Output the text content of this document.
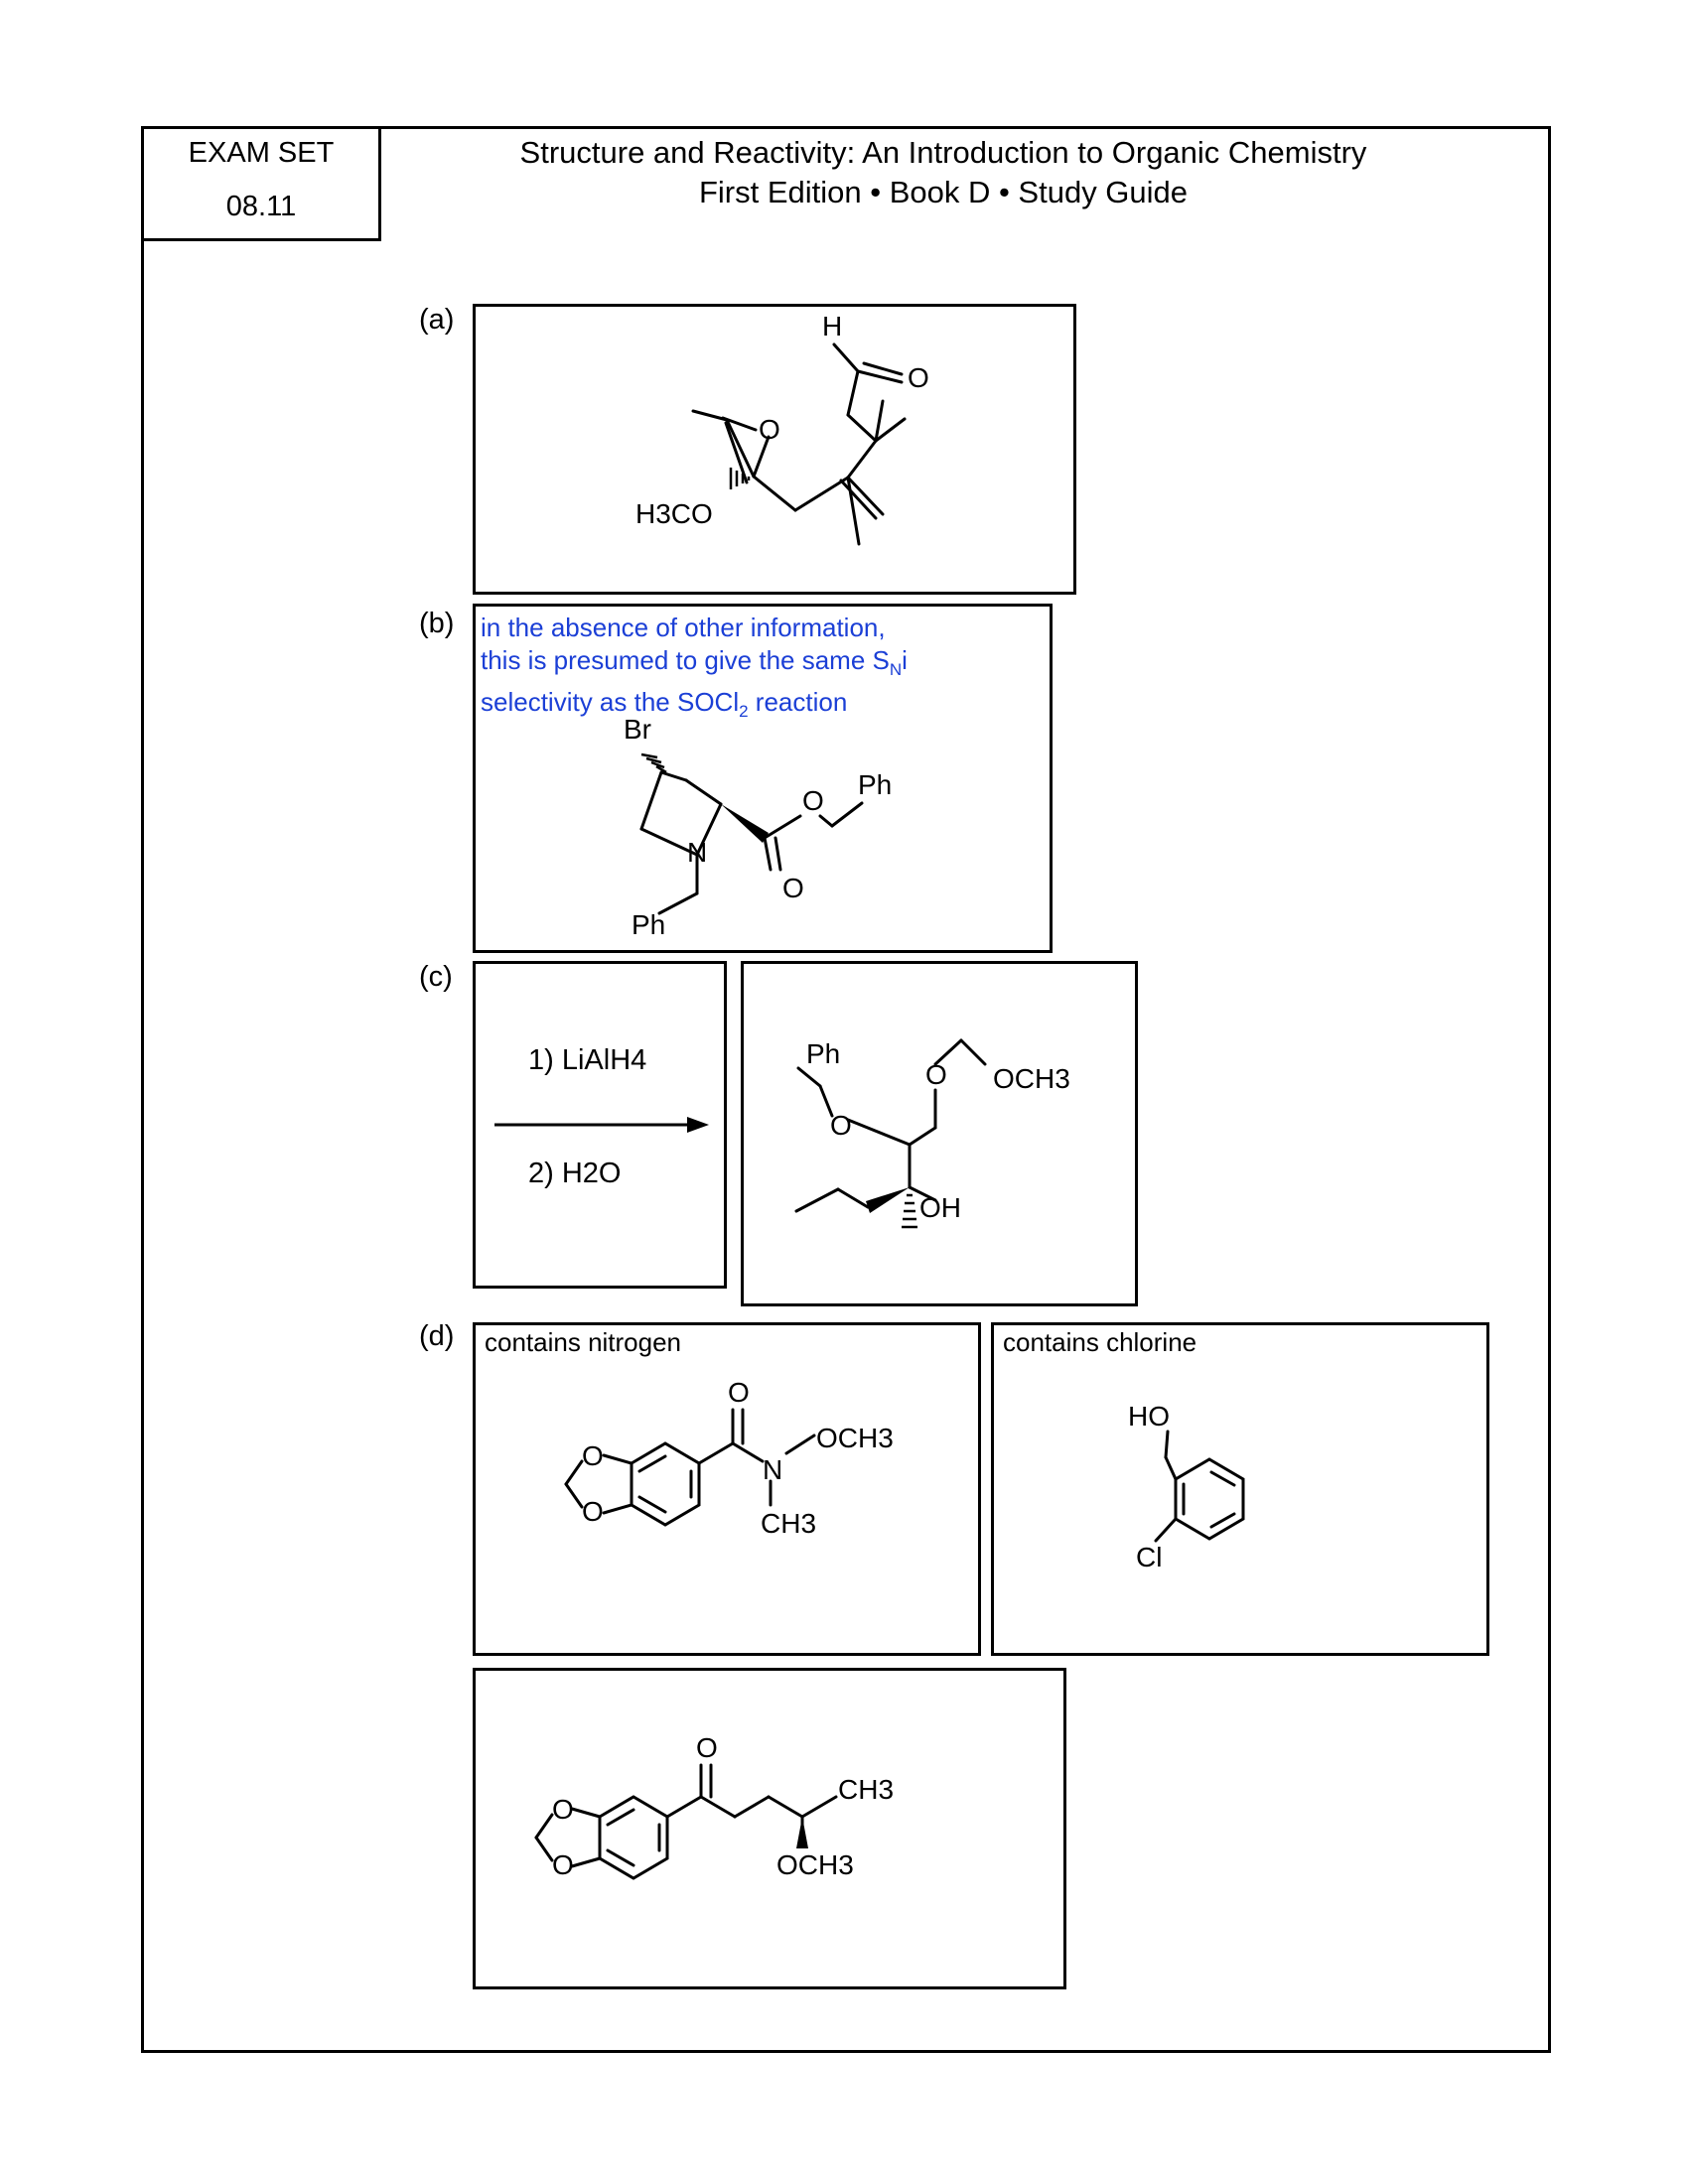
EXAM SET
08.11
Structure and Reactivity: An Introduction to Organic Chemistry
First Edition • Book D • Study Guide
(a)	H
O
O
H3CO
(b) in the absence of other information,
this is presumed to give the same $S_Ni$
selectivity as the SOCl$_2$ reaction
Br
N
O
O
Ph
Ph
(c)
1) LiAlH4
2) H2O
Ph
O
O OCH3
OH
(d) contains nitrogen
O
O
O
N
OCH3
CH3
contains chlorine
HO
Cl
O
O
O
CH3
OCH3
